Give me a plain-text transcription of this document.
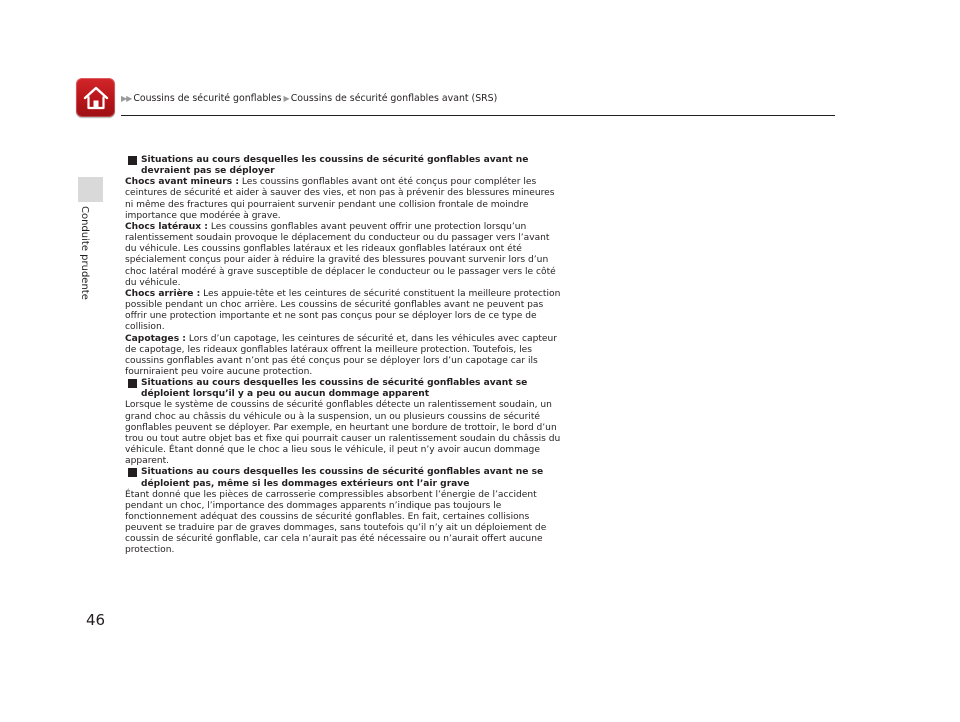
▶▶ Coussins de sécurité gonflables ▶Coussins de sécurité gonflables avant (SRS)
Conduite prudente
46

Situations au cours desquelles les coussins de sécurité gonflables avant ne devraient pas se déployer

Chocs avant mineurs : Les coussins gonflables avant ont été conçus pour compléter les ceintures de sécurité et aider à sauver des vies, et non pas à prévenir des blessures mineures ni même des fractures qui pourraient survenir pendant une collision frontale de moindre importance que modérée à grave.

Chocs latéraux : Les coussins gonflables avant peuvent offrir une protection lorsqu’un ralentissement soudain provoque le déplacement du conducteur ou du passager vers l’avant du véhicule. Les coussins gonflables latéraux et les rideaux gonflables latéraux ont été spécialement conçus pour aider à réduire la gravité des blessures pouvant survenir lors d’un choc latéral modéré à grave susceptible de déplacer le conducteur ou le passager vers le côté du véhicule.

Chocs arrière : Les appuie-tête et les ceintures de sécurité constituent la meilleure protection possible pendant un choc arrière. Les coussins de sécurité gonflables avant ne peuvent pas offrir une protection importante et ne sont pas conçus pour se déployer lors de ce type de collision.

Capotages : Lors d’un capotage, les ceintures de sécurité et, dans les véhicules avec capteur de capotage, les rideaux gonflables latéraux offrent la meilleure protection. Toutefois, les coussins gonflables avant n’ont pas été conçus pour se déployer lors d’un capotage car ils fourniraient peu voire aucune protection.

Situations au cours desquelles les coussins de sécurité gonflables avant se déploient lorsqu’il y a peu ou aucun dommage apparent

Lorsque le système de coussins de sécurité gonflables détecte un ralentissement soudain, un grand choc au châssis du véhicule ou à la suspension, un ou plusieurs coussins de sécurité gonflables peuvent se déployer. Par exemple, en heurtant une bordure de trottoir, le bord d’un trou ou tout autre objet bas et fixe qui pourrait causer un ralentissement soudain du châssis du véhicule. Étant donné que le choc a lieu sous le véhicule, il peut n’y avoir aucun dommage apparent.

Situations au cours desquelles les coussins de sécurité gonflables avant ne se déploient pas, même si les dommages extérieurs ont l’air grave

Étant donné que les pièces de carrosserie compressibles absorbent l’énergie de l’accident pendant un choc, l’importance des dommages apparents n’indique pas toujours le fonctionnement adéquat des coussins de sécurité gonflables. En fait, certaines collisions peuvent se traduire par de graves dommages, sans toutefois qu’il n’y ait un déploiement de coussin de sécurité gonflable, car cela n’aurait pas été nécessaire ou n’aurait offert aucune protection.
